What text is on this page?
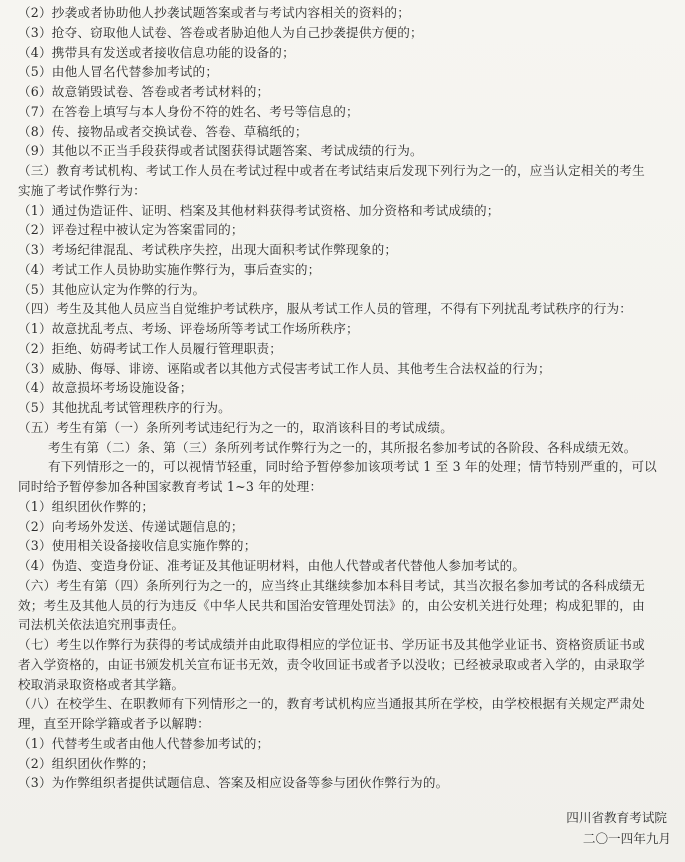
（2）抄袭或者协助他人抄袭试题答案或者与考试内容相关的资料的；
（3）抢夺、窃取他人试卷、答卷或者胁迫他人为自己抄袭提供方便的；
（4）携带具有发送或者接收信息功能的设备的；
（5）由他人冒名代替参加考试的；
（6）故意销毁试卷、答卷或者考试材料的；
（7）在答卷上填写与本人身份不符的姓名、考号等信息的；
（8）传、接物品或者交换试卷、答卷、草稿纸的；
（9）其他以不正当手段获得或者试图获得试题答案、考试成绩的行为。
（三）教育考试机构、考试工作人员在考试过程中或者在考试结束后发现下列行为之一的，应当认定相关的考生
实施了考试作弊行为：
（1）通过伪造证件、证明、档案及其他材料获得考试资格、加分资格和考试成绩的；
（2）评卷过程中被认定为答案雷同的；
（3）考场纪律混乱、考试秩序失控，出现大面积考试作弊现象的；
（4）考试工作人员协助实施作弊行为，事后查实的；
（5）其他应认定为作弊的行为。
（四）考生及其他人员应当自觉维护考试秩序，服从考试工作人员的管理，不得有下列扰乱考试秩序的行为：
（1）故意扰乱考点、考场、评卷场所等考试工作场所秩序；
（2）拒绝、妨碍考试工作人员履行管理职责；
（3）威胁、侮辱、诽谤、诬陷或者以其他方式侵害考试工作人员、其他考生合法权益的行为；
（4）故意损坏考场设施设备；
（5）其他扰乱考试管理秩序的行为。
（五）考生有第（一）条所列考试违纪行为之一的，取消该科目的考试成绩。
考生有第（二）条、第（三）条所列考试作弊行为之一的，其所报名参加考试的各阶段、各科成绩无效。
有下列情形之一的，可以视情节轻重，同时给予暂停参加该项考试 1 至 3 年的处理；情节特别严重的，可以
同时给予暂停参加各种国家教育考试 1~3 年的处理：
（1）组织团伙作弊的；
（2）向考场外发送、传递试题信息的；
（3）使用相关设备接收信息实施作弊的；
（4）伪造、变造身份证、准考证及其他证明材料，由他人代替或者代替他人参加考试的。
（六）考生有第（四）条所列行为之一的，应当终止其继续参加本科目考试，其当次报名参加考试的各科成绩无
效；考生及其他人员的行为违反《中华人民共和国治安管理处罚法》的，由公安机关进行处理；构成犯罪的，由
司法机关依法追究刑事责任。
（七）考生以作弊行为获得的考试成绩并由此取得相应的学位证书、学历证书及其他学业证书、资格资质证书或
者入学资格的，由证书颁发机关宣布证书无效，责令收回证书或者予以没收；已经被录取或者入学的，由录取学
校取消录取资格或者其学籍。
（八）在校学生、在职教师有下列情形之一的，教育考试机构应当通报其所在学校，由学校根据有关规定严肃处
理，直至开除学籍或者予以解聘：
（1）代替考生或者由他人代替参加考试的；
（2）组织团伙作弊的；
（3）为作弊组织者提供试题信息、答案及相应设备等参与团伙作弊行为的。
四川省教育考试院
二〇一四年九月
